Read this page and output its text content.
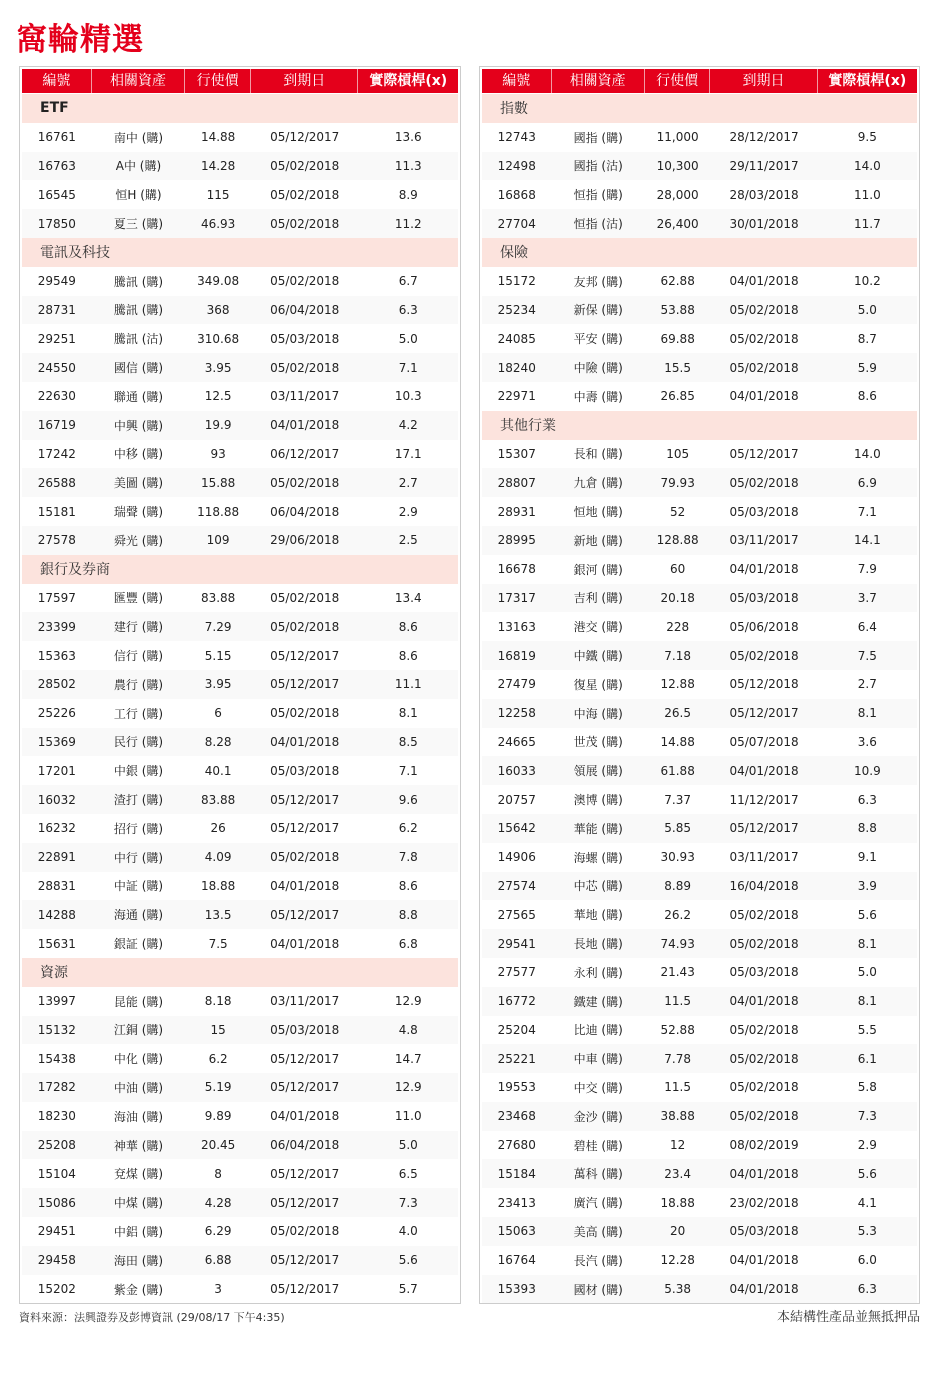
窩輪精選
編號	相關資產	行使價	到期日	實際槓桿(x)
ETF
16761	南中 (購)	14.88	05/12/2017	13.6
16763	A中 (購)	14.28	05/02/2018	11.3
16545	恒H (購)	115	05/02/2018	8.9
17850	夏三 (購)	46.93	05/02/2018	11.2
電訊及科技
29549	騰訊 (購)	349.08	05/02/2018	6.7
28731	騰訊 (購)	368	06/04/2018	6.3
29251	騰訊 (沽)	310.68	05/03/2018	5.0
24550	國信 (購)	3.95	05/02/2018	7.1
22630	聯通 (購)	12.5	03/11/2017	10.3
16719	中興 (購)	19.9	04/01/2018	4.2
17242	中移 (購)	93	06/12/2017	17.1
26588	美圖 (購)	15.88	05/02/2018	2.7
15181	瑞聲 (購)	118.88	06/04/2018	2.9
27578	舜光 (購)	109	29/06/2018	2.5
銀行及券商
17597	匯豐 (購)	83.88	05/02/2018	13.4
23399	建行 (購)	7.29	05/02/2018	8.6
15363	信行 (購)	5.15	05/12/2017	8.6
28502	農行 (購)	3.95	05/12/2017	11.1
25226	工行 (購)	6	05/02/2018	8.1
15369	民行 (購)	8.28	04/01/2018	8.5
17201	中銀 (購)	40.1	05/03/2018	7.1
16032	渣打 (購)	83.88	05/12/2017	9.6
16232	招行 (購)	26	05/12/2017	6.2
22891	中行 (購)	4.09	05/02/2018	7.8
28831	中証 (購)	18.88	04/01/2018	8.6
14288	海通 (購)	13.5	05/12/2017	8.8
15631	銀証 (購)	7.5	04/01/2018	6.8
資源
13997	昆能 (購)	8.18	03/11/2017	12.9
15132	江銅 (購)	15	05/03/2018	4.8
15438	中化 (購)	6.2	05/12/2017	14.7
17282	中油 (購)	5.19	05/12/2017	12.9
18230	海油 (購)	9.89	04/01/2018	11.0
25208	神華 (購)	20.45	06/04/2018	5.0
15104	兗煤 (購)	8	05/12/2017	6.5
15086	中煤 (購)	4.28	05/12/2017	7.3
29451	中鋁 (購)	6.29	05/02/2018	4.0
29458	海田 (購)	6.88	05/12/2017	5.6
15202	紫金 (購)	3	05/12/2017	5.7
編號	相關資產	行使價	到期日	實際槓桿(x)
指數
12743	國指 (購)	11,000	28/12/2017	9.5
12498	國指 (沽)	10,300	29/11/2017	14.0
16868	恒指 (購)	28,000	28/03/2018	11.0
27704	恒指 (沽)	26,400	30/01/2018	11.7
保險
15172	友邦 (購)	62.88	04/01/2018	10.2
25234	新保 (購)	53.88	05/02/2018	5.0
24085	平安 (購)	69.88	05/02/2018	8.7
18240	中險 (購)	15.5	05/02/2018	5.9
22971	中壽 (購)	26.85	04/01/2018	8.6
其他行業
15307	長和 (購)	105	05/12/2017	14.0
28807	九倉 (購)	79.93	05/02/2018	6.9
28931	恒地 (購)	52	05/03/2018	7.1
28995	新地 (購)	128.88	03/11/2017	14.1
16678	銀河 (購)	60	04/01/2018	7.9
17317	吉利 (購)	20.18	05/03/2018	3.7
13163	港交 (購)	228	05/06/2018	6.4
16819	中鐵 (購)	7.18	05/02/2018	7.5
27479	復星 (購)	12.88	05/12/2018	2.7
12258	中海 (購)	26.5	05/12/2017	8.1
24665	世茂 (購)	14.88	05/07/2018	3.6
16033	領展 (購)	61.88	04/01/2018	10.9
20757	澳博 (購)	7.37	11/12/2017	6.3
15642	華能 (購)	5.85	05/12/2017	8.8
14906	海螺 (購)	30.93	03/11/2017	9.1
27574	中芯 (購)	8.89	16/04/2018	3.9
27565	華地 (購)	26.2	05/02/2018	5.6
29541	長地 (購)	74.93	05/02/2018	8.1
27577	永利 (購)	21.43	05/03/2018	5.0
16772	鐵建 (購)	11.5	04/01/2018	8.1
25204	比迪 (購)	52.88	05/02/2018	5.5
25221	中車 (購)	7.78	05/02/2018	6.1
19553	中交 (購)	11.5	05/02/2018	5.8
23468	金沙 (購)	38.88	05/02/2018	7.3
27680	碧桂 (購)	12	08/02/2019	2.9
15184	萬科 (購)	23.4	04/01/2018	5.6
23413	廣汽 (購)	18.88	23/02/2018	4.1
15063	美高 (購)	20	05/03/2018	5.3
16764	長汽 (購)	12.28	04/01/2018	6.0
15393	國材 (購)	5.38	04/01/2018	6.3
資料來源：法興證券及彭博資訊 (29/08/17 下午4:35)	本結構性產品並無抵押品
